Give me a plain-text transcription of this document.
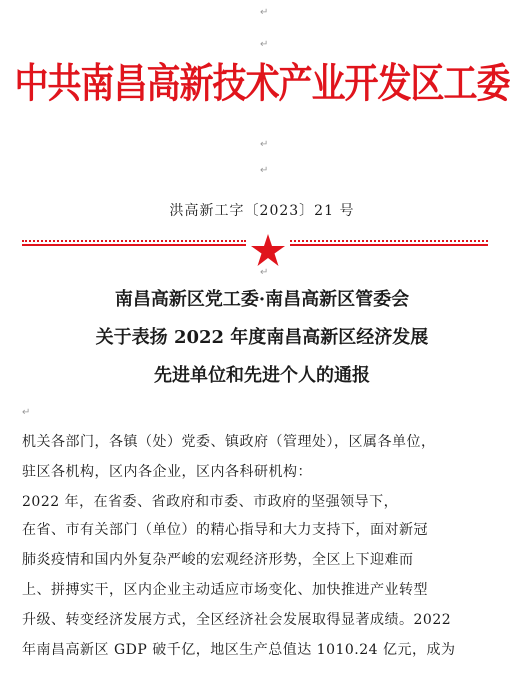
↵
↵
↵
↵
↵
↵
中共南昌高新技术产业开发区工委
洪高新工字〔2023〕21 号
南昌高新区党工委·南昌高新区管委会
关于表扬 2022 年度南昌高新区经济发展
先进单位和先进个人的通报
机关各部门，各镇（处）党委、镇政府（管理处），区属各单位，
驻区各机构，区内各企业，区内各科研机构：
2022 年，在省委、省政府和市委、市政府的坚强领导下，
在省、市有关部门（单位）的精心指导和大力支持下，面对新冠
肺炎疫情和国内外复杂严峻的宏观经济形势，全区上下迎难而
上、拼搏实干，区内企业主动适应市场变化、加快推进产业转型
升级、转变经济发展方式，全区经济社会发展取得显著成绩。2022
年南昌高新区 GDP 破千亿，地区生产总值达 1010.24 亿元，成为
